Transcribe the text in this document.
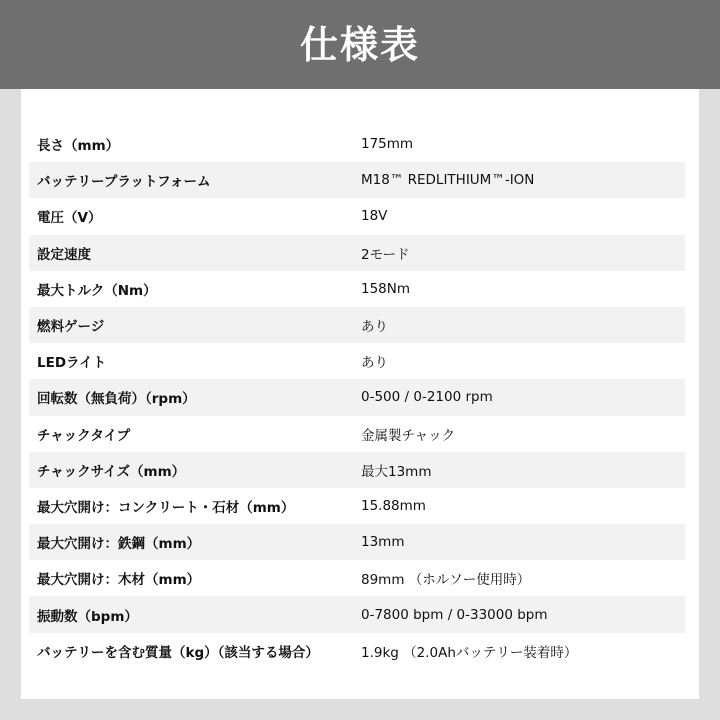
仕様表
長さ（mm）	175mm
バッテリープラットフォーム	M18™ REDLITHIUM™-ION
電圧（V）	18V
設定速度	2モード
最大トルク（Nm）	158Nm
燃料ゲージ	あり
LEDライト	あり
回転数（無負荷）（rpm）	0-500 / 0-2100 rpm
チャックタイプ	金属製チャック
チャックサイズ（mm）	最大13mm
最大穴開け：コンクリート・石材（mm）	15.88mm
最大穴開け：鉄鋼（mm）	13mm
最大穴開け：木材（mm）	89mm （ホルソー使用時）
振動数（bpm）	0-7800 bpm / 0-33000 bpm
バッテリーを含む質量（kg）（該当する場合）	1.9kg （2.0Ahバッテリー装着時）
